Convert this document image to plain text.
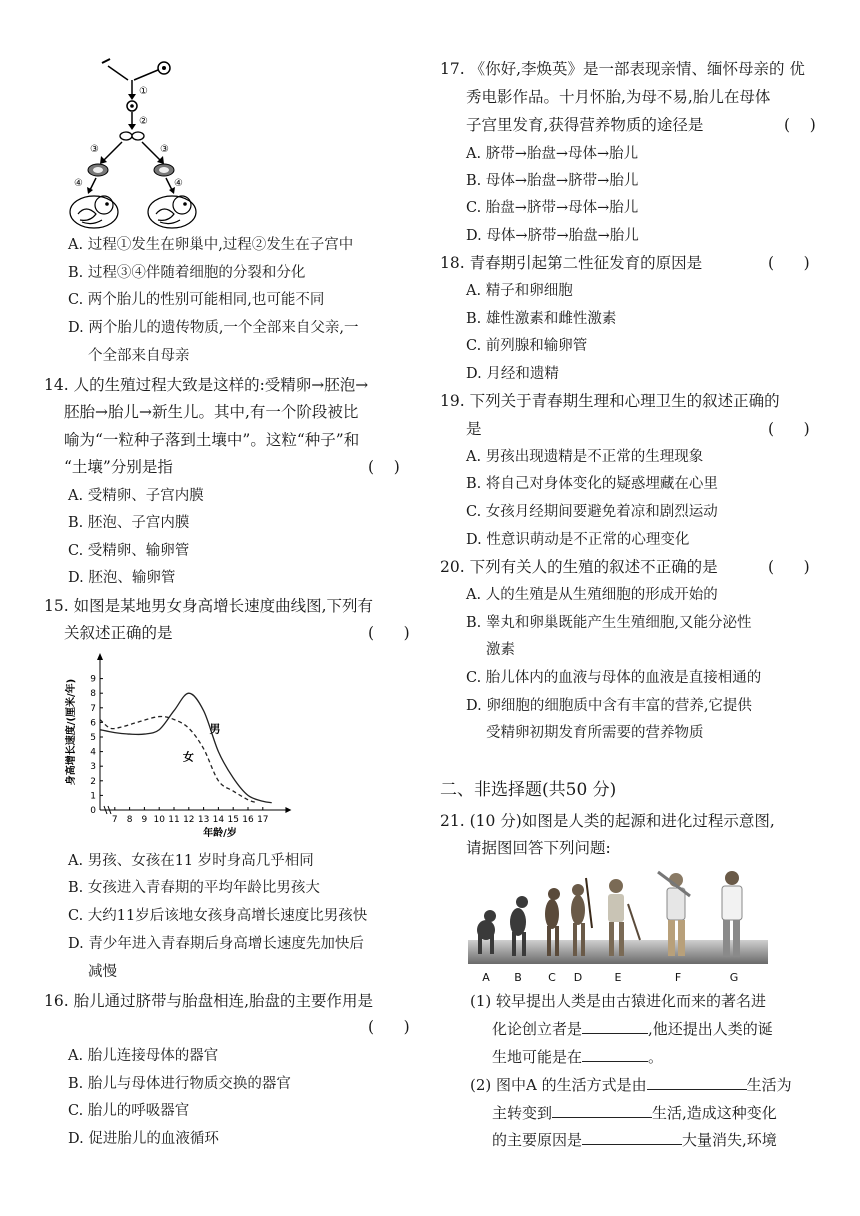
①
②
③	③
④	④
A. 过程①发生在卵巢中,过程②发生在子宫中
B. 过程③④伴随着细胞的分裂和分化
C. 两个胎儿的性别可能相同,也可能不同
D. 两个胎儿的遗传物质,一个全部来自父亲,一
个全部来自母亲
14. 人的生殖过程大致是这样的:受精卵→胚泡→
胚胎→胎儿→新生儿。其中,有一个阶段被比
喻为“一粒种子落到土壤中”。这粒“种子”和
“土壤”分别是指	(    )
A. 受精卵、子宫内膜
B. 胚泡、子宫内膜
C. 受精卵、输卵管
D. 胚泡、输卵管
15. 如图是某地男女身高增长速度曲线图,下列有
关叙述正确的是	(      )
身高增长速度/(厘米/年)
年龄/岁
0
1
2
3
4
5
6
7
8
9
7 8 9 10 11 12 13 14 15 16 17
男
女
A. 男孩、女孩在11 岁时身高几乎相同
B. 女孩进入青春期的平均年龄比男孩大
C. 大约11岁后该地女孩身高增长速度比男孩快
D. 青少年进入青春期后身高增长速度先加快后
减慢
16. 胎儿通过脐带与胎盘相连,胎盘的主要作用是
(      )
A. 胎儿连接母体的器官
B. 胎儿与母体进行物质交换的器官
C. 胎儿的呼吸器官
D. 促进胎儿的血液循环
17. 《你好,李焕英》是一部表现亲情、缅怀母亲的 优
秀电影作品。十月怀胎,为母不易,胎儿在母体
子宫里发育,获得营养物质的途径是	(    )
A. 脐带→胎盘→母体→胎儿
B. 母体→胎盘→脐带→胎儿
C. 胎盘→脐带→母体→胎儿
D. 母体→脐带→胎盘→胎儿
18. 青春期引起第二性征发育的原因是	(      )
A. 精子和卵细胞
B. 雄性激素和雌性激素
C. 前列腺和输卵管
D. 月经和遗精
19. 下列关于青春期生理和心理卫生的叙述正确的
是	(      )
A. 男孩出现遗精是不正常的生理现象
B. 将自己对身体变化的疑惑埋藏在心里
C. 女孩月经期间要避免着凉和剧烈运动
D. 性意识萌动是不正常的心理变化
20. 下列有关人的生殖的叙述不正确的是	(      )
A. 人的生殖是从生殖细胞的形成开始的
B. 睾丸和卵巢既能产生生殖细胞,又能分泌性
激素
C. 胎儿体内的血液与母体的血液是直接相通的
D. 卵细胞的细胞质中含有丰富的营养,它提供
受精卵初期发育所需要的营养物质
二、非选择题(共50 分)
21. (10 分)如图是人类的起源和进化过程示意图,
请据图回答下列问题:
A B C D	E	F	G
(1) 较早提出人类是由古猿进化而来的著名进
化论创立者是	,他还提出人类的诞
生地可能是在	。
(2) 图中A 的生活方式是由	生活为
主转变到	生活,造成这种变化
的主要原因是	大量消失,环境
